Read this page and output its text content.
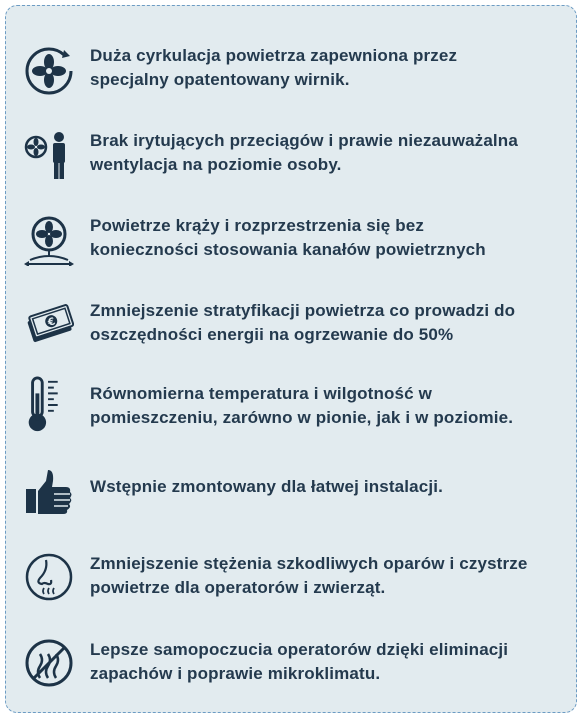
Duża cyrkulacja powietrza zapewniona przez
specjalny opatentowany wirnik.
Brak irytujących przeciągów i prawie niezauważalna
wentylacja na poziomie osoby.
Powietrze krąży i rozprzestrzenia się bez
konieczności stosowania kanałów powietrznych
€
Zmniejszenie stratyfikacji powietrza co prowadzi do
oszczędności energii na ogrzewanie do 50%
Równomierna temperatura i wilgotność w
pomieszczeniu, zarówno w pionie, jak i w poziomie.
Wstępnie zmontowany dla łatwej instalacji.
Zmniejszenie stężenia szkodliwych oparów i czystrze
powietrze dla operatorów i zwierząt.
Lepsze samopoczucia operatorów dzięki eliminacji
zapachów i poprawie mikroklimatu.
